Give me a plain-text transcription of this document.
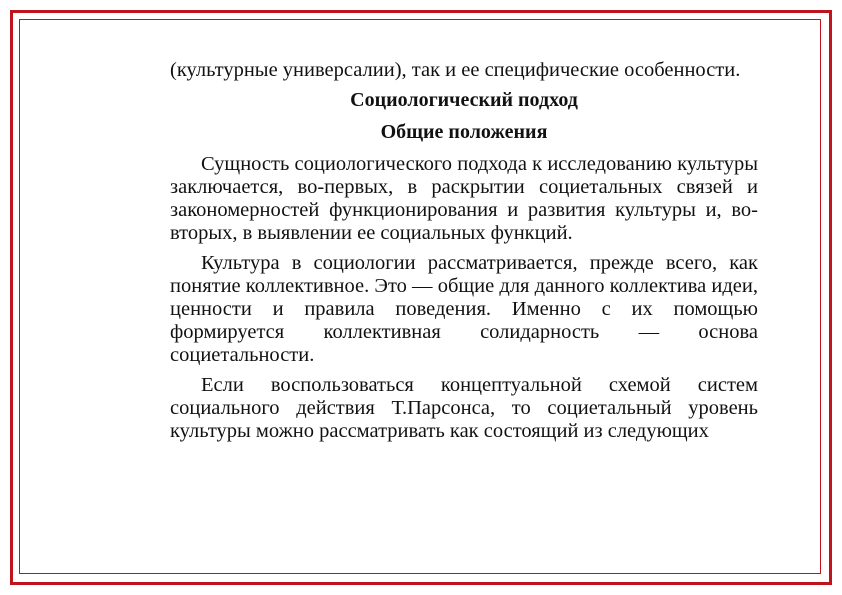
(культурные универсалии), так и ее специфические особенности.

Социологический подход

Общие положения

Сущность социологического подхода к исследованию культуры заключается, во-первых, в раскрытии социетальных связей и закономерностей функционирования и развития культуры и, во-вторых, в выявлении ее социальных функций.

Культура в социологии рассматривается, прежде всего, как понятие коллективное. Это — общие для данного коллектива идеи, ценности и правила поведения. Именно с их помощью формируется коллективная солидарность — основа социетальности.

Если воспользоваться концептуальной схемой систем социального действия Т.Парсонса, то социетальный уровень культуры можно рассматривать как состоящий из следующих
